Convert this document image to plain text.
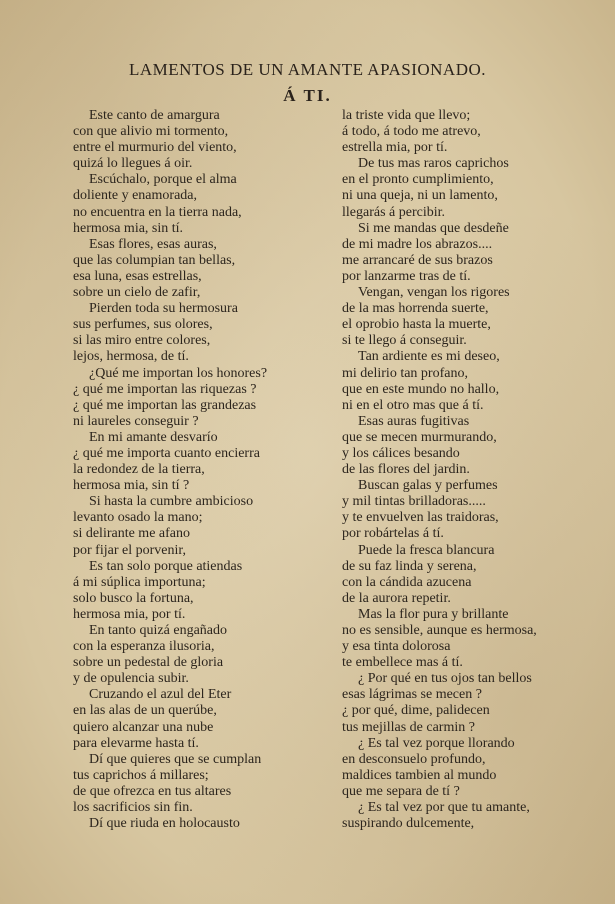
LAMENTOS DE UN AMANTE APASIONADO.
Á TI.
Este canto de amargura
con que alivio mi tormento,
entre el murmurio del viento,
quizá lo llegues á oir.
Escúchalo, porque el alma
doliente y enamorada,
no encuentra en la tierra nada,
hermosa mia, sin tí.
Esas flores, esas auras,
que las columpian tan bellas,
esa luna, esas estrellas,
sobre un cielo de zafir,
Pierden toda su hermosura
sus perfumes, sus olores,
si las miro entre colores,
lejos, hermosa, de tí.
¿Qué me importan los honores?
¿ qué me importan las riquezas ?
¿ qué me importan las grandezas
ni laureles conseguir ?
En mi amante desvarío
¿ qué me importa cuanto encierra
la redondez de la tierra,
hermosa mia, sin tí ?
Si hasta la cumbre ambicioso
levanto osado la mano;
si delirante me afano
por fijar el porvenir,
Es tan solo porque atiendas
á mi súplica importuna;
solo busco la fortuna,
hermosa mia, por tí.
En tanto quizá engañado
con la esperanza ilusoria,
sobre un pedestal de gloria
y de opulencia subir.
Cruzando el azul del Eter
en las alas de un querúbe,
quiero alcanzar una nube
para elevarme hasta tí.
Dí que quieres que se cumplan
tus caprichos á millares;
de que ofrezca en tus altares
los sacrificios sin fin.
Dí que riuda en holocausto
la triste vida que llevo;
á todo, á todo me atrevo,
estrella mia, por tí.
De tus mas raros caprichos
en el pronto cumplimiento,
ni una queja, ni un lamento,
llegarás á percibir.
Si me mandas que desdeñe
de mi madre los abrazos....
me arrancaré de sus brazos
por lanzarme tras de tí.
Vengan, vengan los rigores
de la mas horrenda suerte,
el oprobio hasta la muerte,
si te llego á conseguir.
Tan ardiente es mi deseo,
mi delirio tan profano,
que en este mundo no hallo,
ni en el otro mas que á tí.
Esas auras fugitivas
que se mecen murmurando,
y los cálices besando
de las flores del jardin.
Buscan galas y perfumes
y mil tintas brilladoras.....
y te envuelven las traidoras,
por robártelas á tí.
Puede la fresca blancura
de su faz linda y serena,
con la cándida azucena
de la aurora repetir.
Mas la flor pura y brillante
no es sensible, aunque es hermosa,
y esa tinta dolorosa
te embellece mas á tí.
¿ Por qué en tus ojos tan bellos
esas lágrimas se mecen ?
¿ por qué, dime, palidecen
tus mejillas de carmin ?
¿ Es tal vez porque llorando
en desconsuelo profundo,
maldices tambien al mundo
que me separa de tí ?
¿ Es tal vez por que tu amante,
suspirando dulcemente,
